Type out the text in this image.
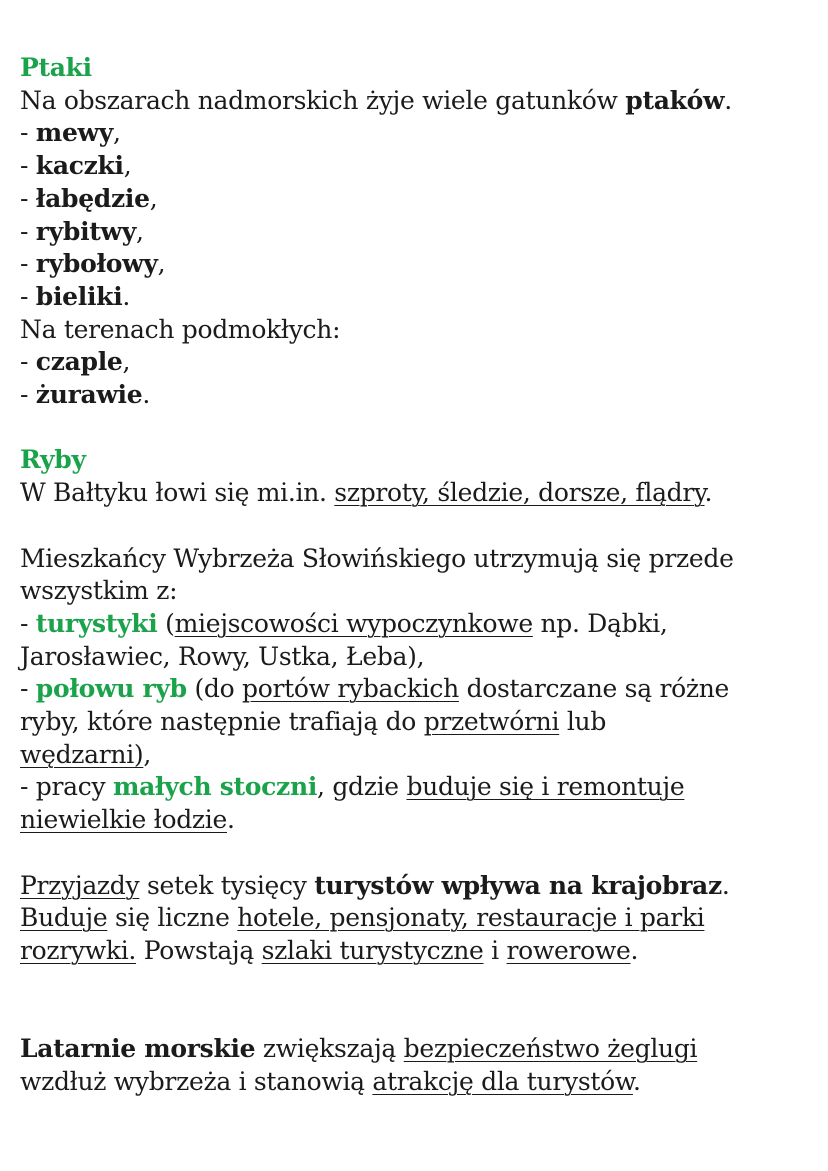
Ptaki
Na obszarach nadmorskich żyje wiele gatunków ptaków.
- mewy,
- kaczki,
- łabędzie,
- rybitwy,
- rybołowy,
- bieliki.
Na terenach podmokłych:
- czaple,
- żurawie.
Ryby
W Bałtyku łowi się mi.in. szproty, śledzie, dorsze, flądry.
Mieszkańcy Wybrzeża Słowińskiego utrzymują się przede
wszystkim z:
- turystyki (miejscowości wypoczynkowe np. Dąbki,
Jarosławiec, Rowy, Ustka, Łeba),
- połowu ryb (do portów rybackich dostarczane są różne
ryby, które następnie trafiają do przetwórni lub
wędzarni),
- pracy małych stoczni, gdzie buduje się i remontuje
niewielkie łodzie.
Przyjazdy setek tysięcy turystów wpływa na krajobraz.
Buduje się liczne hotele, pensjonaty, restauracje i parki
rozrywki. Powstają szlaki turystyczne i rowerowe.
Latarnie morskie zwiększają bezpieczeństwo żeglugi
wzdłuż wybrzeża i stanowią atrakcję dla turystów.
